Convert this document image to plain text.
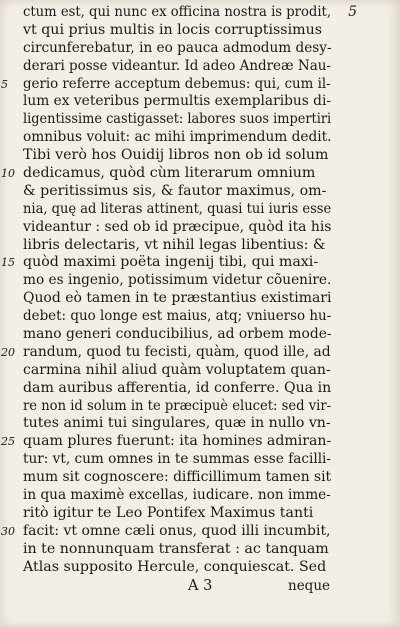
5
ctum est, qui nunc ex officina nostra is prodit,
vt qui prius multis in locis corruptissimus
circunferebatur, in eo pauca admodum desy-
derari posse videantur. Id adeo Andreæ Nau-
5 gerio referre acceptum debemus: qui, cum il-
lum ex veteribus permultis exemplaribus di-
ligentissime castigasset: labores suos impertiri
omnibus voluit: ac mihi imprimendum dedit.
Tibi verò hos Ouidij libros non ob id solum
10 dedicamus, quòd cùm literarum omnium
& peritissimus sis, & fautor maximus, om-
nia, quę ad literas attinent, quasi tui iuris esse
videantur : sed ob id præcipue, quòd ita his
libris delectaris, vt nihil legas libentius: &
15 quòd maximi poëta ingenij tibi, qui maxi-
mo es ingenio, potissimum videtur cõuenire.
Quod eò tamen in te præstantius existimari
debet: quo longe est maius, atq; vniuerso hu-
mano generi conducibilius, ad orbem mode-
20 randum, quod tu fecisti, quàm, quod ille, ad
carmina nihil aliud quàm voluptatem quan-
dam auribus afferentia, id conferre. Qua in
re non id solum in te præcipuè elucet: sed vir-
tutes animi tui singulares, quæ in nullo vn-
25 quam plures fuerunt: ita homines admiran-
tur: vt, cum omnes in te summas esse facilli-
mum sit cognoscere: difficillimum tamen sit
in qua maximè excellas, iudicare. non imme-
ritò igitur te Leo Pontifex Maximus tanti
30 facit: vt omne cæli onus, quod illi incumbit,
in te nonnunquam transferat : ac tanquam
Atlas supposito Hercule, conquiescat. Sed
A 3	neque
